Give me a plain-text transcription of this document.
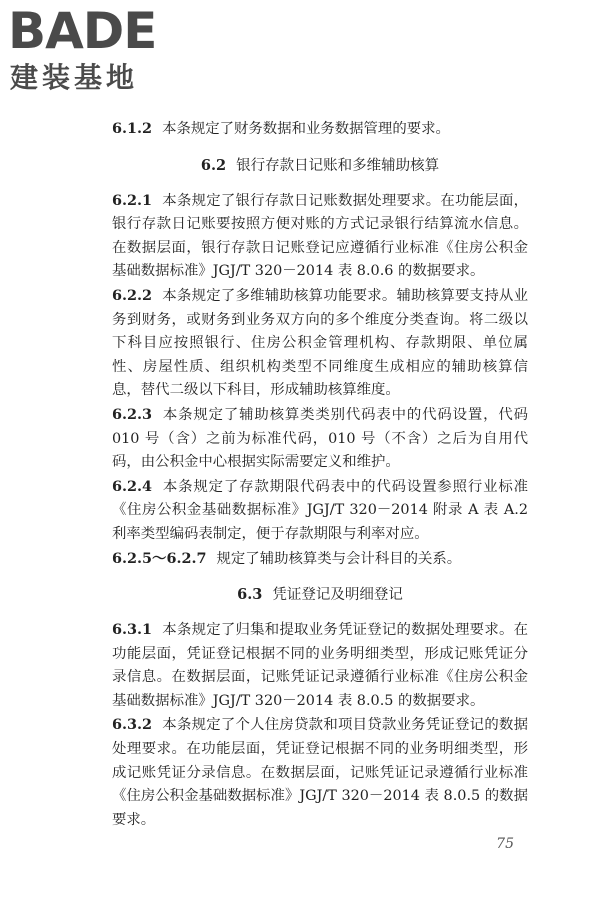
BADE
建装基地

6.1.2 本条规定了财务数据和业务数据管理的要求。

6.2 银行存款日记账和多维辅助核算

6.2.1 本条规定了银行存款日记账数据处理要求。在功能层面，银行存款日记账要按照方便对账的方式记录银行结算流水信息。在数据层面，银行存款日记账登记应遵循行业标准《住房公积金基础数据标准》JGJ/T 320－2014 表 8.0.6 的数据要求。

6.2.2 本条规定了多维辅助核算功能要求。辅助核算要支持从业务到财务，或财务到业务双方向的多个维度分类查询。将二级以下科目应按照银行、住房公积金管理机构、存款期限、单位属性、房屋性质、组织机构类型不同维度生成相应的辅助核算信息，替代二级以下科目，形成辅助核算维度。

6.2.3 本条规定了辅助核算类类别代码表中的代码设置，代码 010 号（含）之前为标准代码，010 号（不含）之后为自用代码，由公积金中心根据实际需要定义和维护。

6.2.4 本条规定了存款期限代码表中的代码设置参照行业标准《住房公积金基础数据标准》JGJ/T 320－2014 附录 A 表 A.2 利率类型编码表制定，便于存款期限与利率对应。

6.2.5～6.2.7 规定了辅助核算类与会计科目的关系。

6.3 凭证登记及明细登记

6.3.1 本条规定了归集和提取业务凭证登记的数据处理要求。在功能层面，凭证登记根据不同的业务明细类型，形成记账凭证分录信息。在数据层面，记账凭证记录遵循行业标准《住房公积金基础数据标准》JGJ/T 320－2014 表 8.0.5 的数据要求。

6.3.2 本条规定了个人住房贷款和项目贷款业务凭证登记的数据处理要求。在功能层面，凭证登记根据不同的业务明细类型，形成记账凭证分录信息。在数据层面，记账凭证记录遵循行业标准《住房公积金基础数据标准》JGJ/T 320－2014 表 8.0.5 的数据要求。

75
